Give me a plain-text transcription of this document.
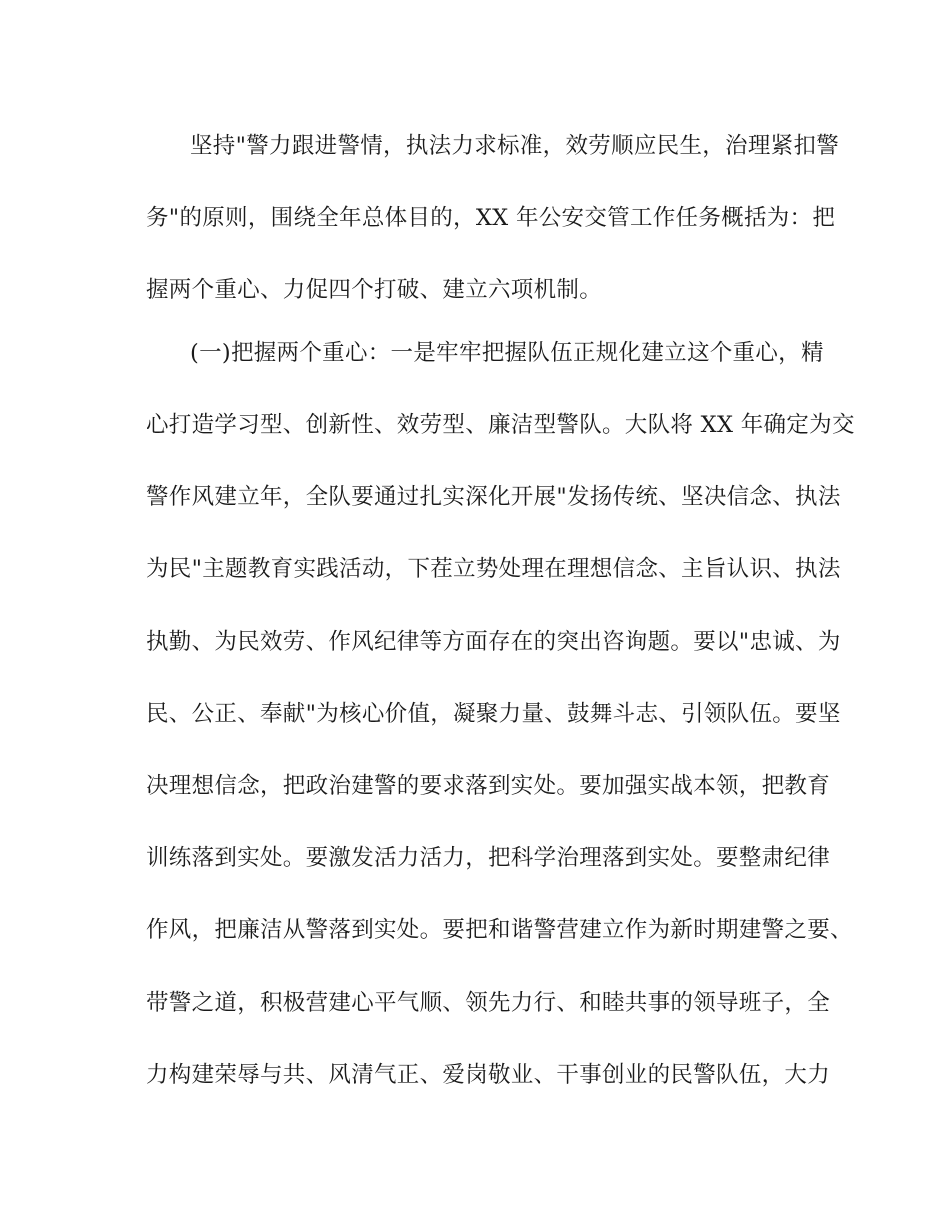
坚持"警力跟进警情，执法力求标准，效劳顺应民生，治理紧扣警
务"的原则，围绕全年总体目的，XX 年公安交管工作任务概括为：把
握两个重心、力促四个打破、建立六项机制。
(一)把握两个重心：一是牢牢把握队伍正规化建立这个重心，精
心打造学习型、创新性、效劳型、廉洁型警队。大队将 XX 年确定为交
警作风建立年，全队要通过扎实深化开展"发扬传统、坚决信念、执法
为民"主题教育实践活动，下茬立势处理在理想信念、主旨认识、执法
执勤、为民效劳、作风纪律等方面存在的突出咨询题。要以"忠诚、为
民、公正、奉献"为核心价值，凝聚力量、鼓舞斗志、引领队伍。要坚
决理想信念，把政治建警的要求落到实处。要加强实战本领，把教育
训练落到实处。要激发活力活力，把科学治理落到实处。要整肃纪律
作风，把廉洁从警落到实处。要把和谐警营建立作为新时期建警之要、
带警之道，积极营建心平气顺、领先力行、和睦共事的领导班子，全
力构建荣辱与共、风清气正、爱岗敬业、干事创业的民警队伍，大力
